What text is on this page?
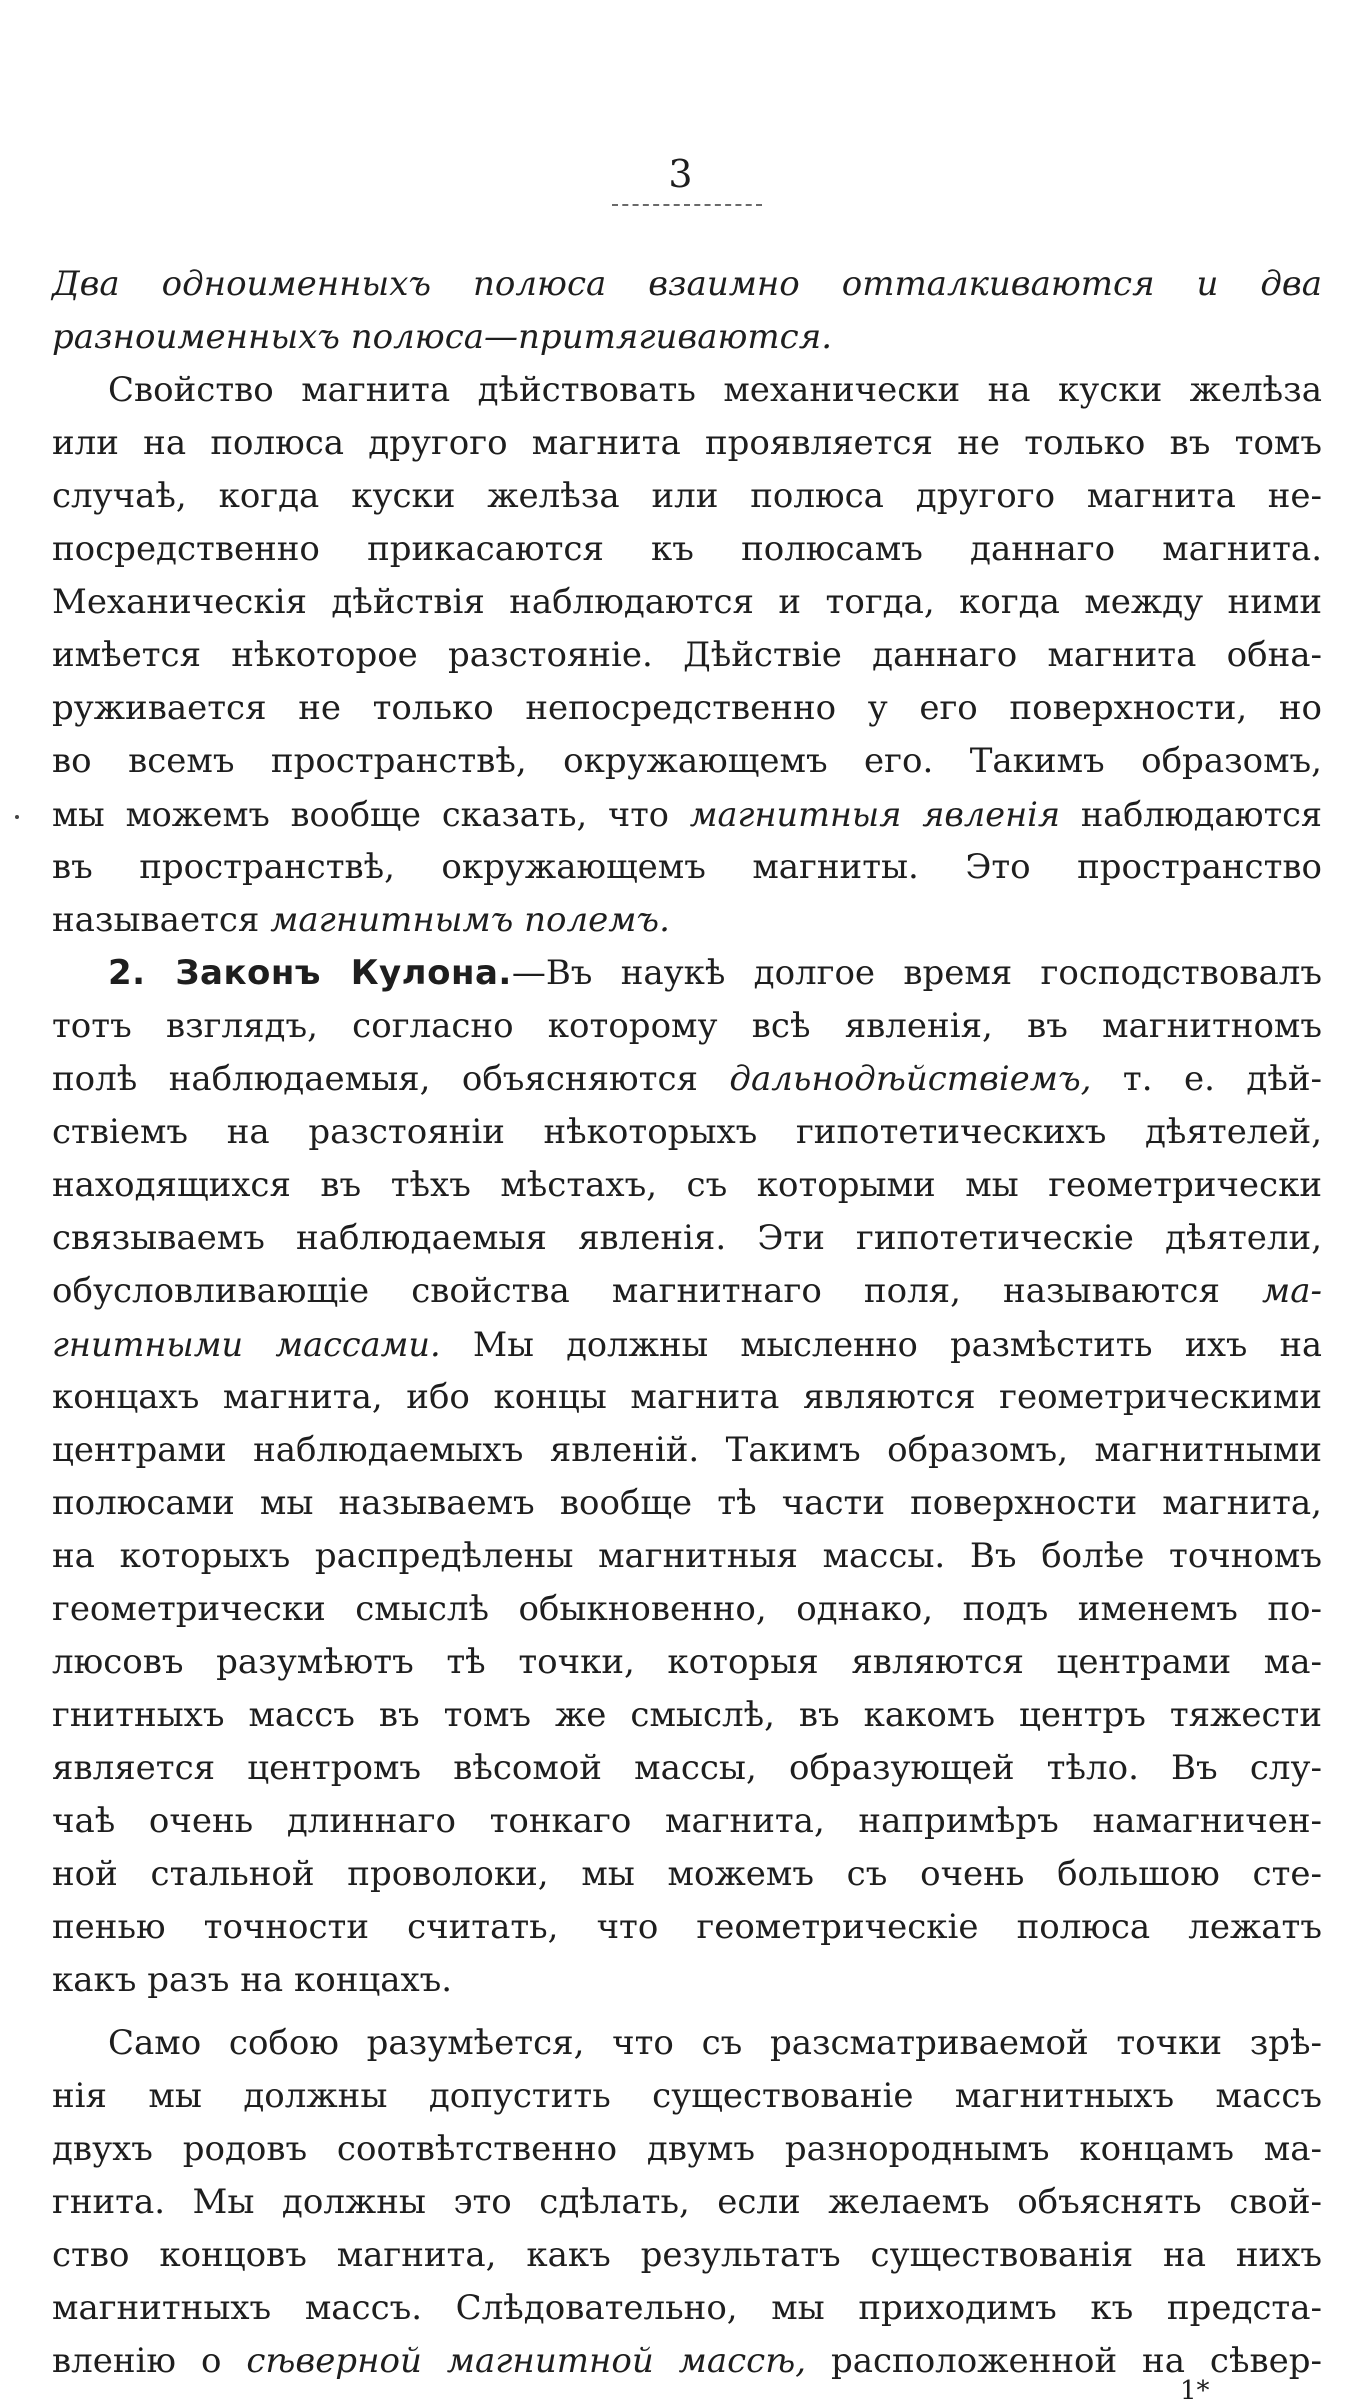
3
Два одноименныхъ полюса взаимно отталкиваются и два
разноименныхъ полюса—притягиваются.
Свойство магнита дѣйствовать механически на куски желѣза
или на полюса другого магнита проявляется не только въ томъ
случаѣ, когда куски желѣза или полюса другого магнита не-
посредственно прикасаются къ полюсамъ даннаго магнита.
Механическія дѣйствія наблюдаются и тогда, когда между ними
имѣется нѣкоторое разстояніе. Дѣйствіе даннаго магнита обна-
руживается не только непосредственно у его поверхности, но
во всемъ пространствѣ, окружающемъ его. Такимъ образомъ,
мы можемъ вообще сказать, что магнитныя явленія наблюдаются
въ пространствѣ, окружающемъ магниты. Это пространство
называется магнитнымъ полемъ.
2. Законъ Кулона.—Въ наукѣ долгое время господствовалъ
тотъ взглядъ, согласно которому всѣ явленія, въ магнитномъ
полѣ наблюдаемыя, объясняются дальнодѣйствіемъ, т. е. дѣй-
ствіемъ на разстояніи нѣкоторыхъ гипотетическихъ дѣятелей,
находящихся въ тѣхъ мѣстахъ, съ которыми мы геометрически
связываемъ наблюдаемыя явленія. Эти гипотетическіе дѣятели,
обусловливающіе свойства магнитнаго поля, называются ма-
гнитными массами. Мы должны мысленно размѣстить ихъ на
концахъ магнита, ибо концы магнита являются геометрическими
центрами наблюдаемыхъ явленій. Такимъ образомъ, магнитными
полюсами мы называемъ вообще тѣ части поверхности магнита,
на которыхъ распредѣлены магнитныя массы. Въ болѣе точномъ
геометрически смыслѣ обыкновенно, однако, подъ именемъ по-
люсовъ разумѣютъ тѣ точки, которыя являются центрами ма-
гнитныхъ массъ въ томъ же смыслѣ, въ какомъ центръ тяжести
является центромъ вѣсомой массы, образующей тѣло. Въ слу-
чаѣ очень длиннаго тонкаго магнита, напримѣръ намагничен-
ной стальной проволоки, мы можемъ съ очень большою сте-
пенью точности считать, что геометрическіе полюса лежатъ
какъ разъ на концахъ.
Само собою разумѣется, что съ разсматриваемой точки зрѣ-
нія мы должны допустить существованіе магнитныхъ массъ
двухъ родовъ соотвѣтственно двумъ разнороднымъ концамъ ма-
гнита. Мы должны это сдѣлать, если желаемъ объяснять свой-
ство концовъ магнита, какъ результатъ существованія на нихъ
магнитныхъ массъ. Слѣдовательно, мы приходимъ къ предста-
вленію о сѣверной магнитной массѣ, расположенной на сѣвер-
1*
